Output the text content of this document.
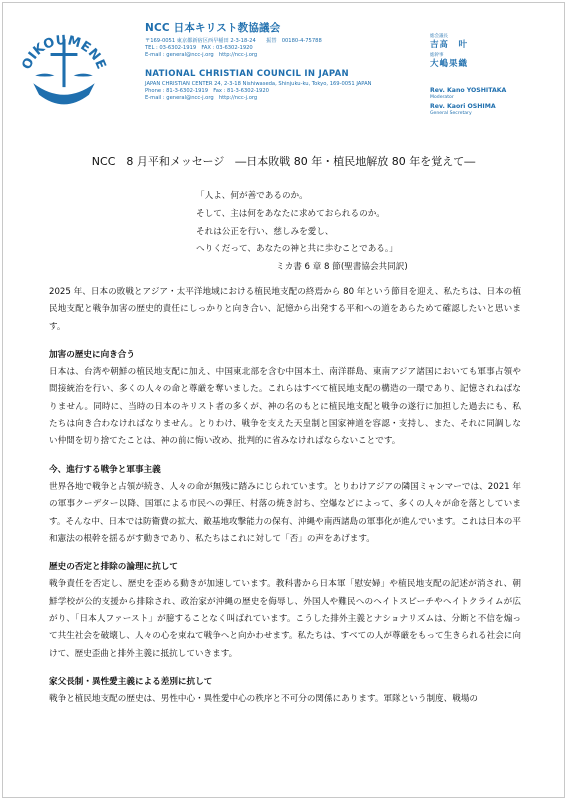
OIKOUMENE
NCC 日本キリスト教協議会
〒169-0051 東京都新宿区西早稲田 2-3-18-24　　振替　00180-4-75788
TEL : 03-6302-1919　FAX : 03-6302-1920
E-mail : general@ncc-j.org　http://ncc-j.org
NATIONAL CHRISTIAN COUNCIL IN JAPAN
JAPAN CHRISTIAN CENTER 24, 2-3-18 Nishiwaseda, Shinjuku-ku, Tokyo, 169-0051 JAPAN
Phone : 81-3-6302-1919　Fax : 81-3-6302-1920
E-mail : general@ncc-j.org　http://ncc-j.org
総会議長
吉髙　叶
総幹事
大嶋果織
Rev. Kano YOSHITAKA
Moderator
Rev. Kaori OSHIMA
General Secretary
NCC　8 月平和メッセージ　―日本敗戦 80 年・植民地解放 80 年を覚えて―
「人よ、何が善であるのか。
そして、主は何をあなたに求めておられるのか。
それは公正を行い、慈しみを愛し、
へりくだって、あなたの神と共に歩むことである。」
ミカ書 6 章 8 節(聖書協会共同訳)

2025 年、日本の敗戦とアジア・太平洋地域における植民地支配の終焉から 80 年という節目を迎え、私たちは、日本の植民地支配と戦争加害の歴史的責任にしっかりと向き合い、記憶から出発する平和への道をあらためて確認したいと思います。

加害の歴史に向き合う

日本は、台湾や朝鮮の植民地支配に加え、中国東北部を含む中国本土、南洋群島、東南アジア諸国においても軍事占領や間接統治を行い、多くの人々の命と尊厳を奪いました。これらはすべて植民地支配の構造の一環であり、記憶されねばなりません。同時に、当時の日本のキリスト者の多くが、神の名のもとに植民地支配と戦争の遂行に加担した過去にも、私たちは向き合わなければなりません。とりわけ、戦争を支えた天皇制と国家神道を容認・支持し、また、それに同調しない仲間を切り捨てたことは、神の前に悔い改め、批判的に省みなければならないことです。

今、進行する戦争と軍事主義

世界各地で戦争と占領が続き、人々の命が無残に踏みにじられています。とりわけアジアの隣国ミャンマーでは、2021 年の軍事クーデター以降、国軍による市民への弾圧、村落の焼き討ち、空爆などによって、多くの人々が命を落としています。そんな中、日本では防衛費の拡大、敵基地攻撃能力の保有、沖縄や南西諸島の軍事化が進んでいます。これは日本の平和憲法の根幹を揺るがす動きであり、私たちはこれに対して「否」の声をあげます。

歴史の否定と排除の論理に抗して

戦争責任を否定し、歴史を歪める動きが加速しています。教科書から日本軍「慰安婦」や植民地支配の記述が消され、朝鮮学校が公的支援から排除され、政治家が沖縄の歴史を侮辱し、外国人や難民へのヘイトスピーチやヘイトクライムが広がり、「日本人ファースト」が臆することなく叫ばれています。こうした排外主義とナショナリズムは、分断と不信を煽って共生社会を破壊し、人々の心を束ねて戦争へと向かわせます。私たちは、すべての人が尊厳をもって生きられる社会に向けて、歴史歪曲と排外主義に抵抗していきます。

家父長制・異性愛主義による差別に抗して

戦争と植民地支配の歴史は、男性中心・異性愛中心の秩序と不可分の関係にあります。軍隊という制度、戦場の
